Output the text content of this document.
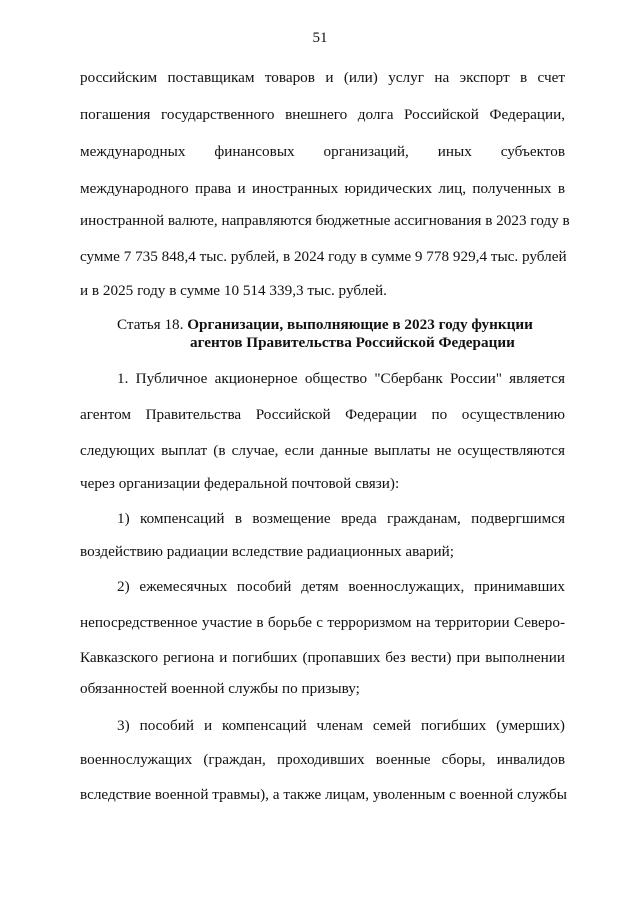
51
российским поставщикам товаров и (или) услуг на экспорт в счет
погашения государственного внешнего долга Российской Федерации,
международных финансовых организаций, иных субъектов
международного права и иностранных юридических лиц, полученных в
иностранной валюте, направляются бюджетные ассигнования в 2023 году в
сумме 7 735 848,4 тыс. рублей, в 2024 году в сумме 9 778 929,4 тыс. рублей
и в 2025 году в сумме 10 514 339,3 тыс. рублей.
Статья 18. Организации, выполняющие в 2023 году функции
агентов Правительства Российской Федерации
1. Публичное акционерное общество "Сбербанк России" является
агентом Правительства Российской Федерации по осуществлению
следующих выплат (в случае, если данные выплаты не осуществляются
через организации федеральной почтовой связи):
1) компенсаций в возмещение вреда гражданам, подвергшимся
воздействию радиации вследствие радиационных аварий;
2) ежемесячных пособий детям военнослужащих, принимавших
непосредственное участие в борьбе с терроризмом на территории Северо-
Кавказского региона и погибших (пропавших без вести) при выполнении
обязанностей военной службы по призыву;
3) пособий и компенсаций членам семей погибших (умерших)
военнослужащих (граждан, проходивших военные сборы, инвалидов
вследствие военной травмы), а также лицам, уволенным с военной службы
